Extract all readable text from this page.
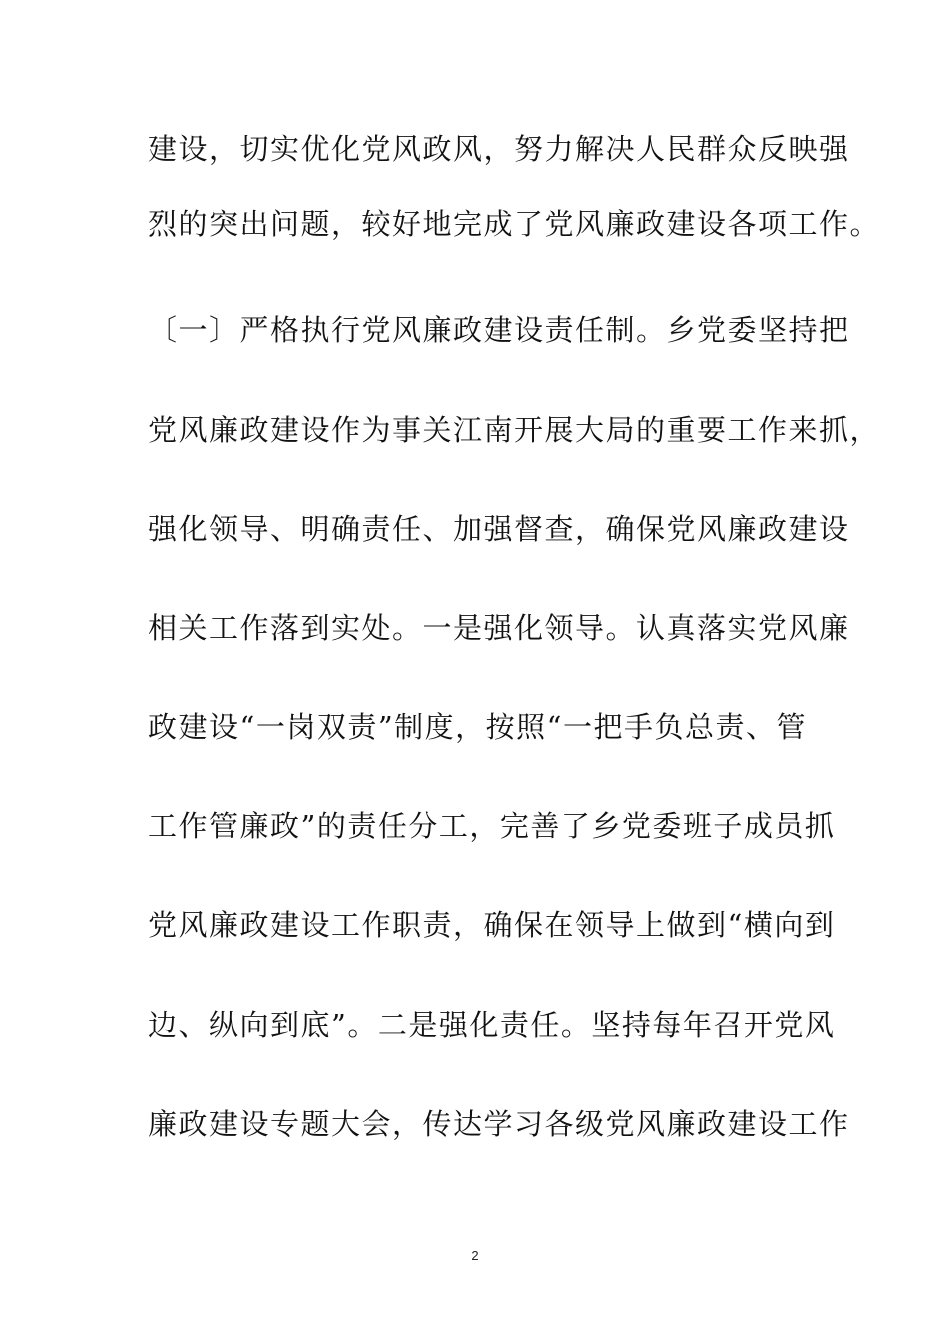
建设，切实优化党风政风，努力解决人民群众反映强
烈的突出问题，较好地完成了党风廉政建设各项工作。
〔一〕严格执行党风廉政建设责任制。乡党委坚持把
党风廉政建设作为事关江南开展大局的重要工作来抓，
强化领导、明确责任、加强督查，确保党风廉政建设
相关工作落到实处。一是强化领导。认真落实党风廉
政建设“一岗双责”制度，按照“一把手负总责、管
工作管廉政”的责任分工，完善了乡党委班子成员抓
党风廉政建设工作职责，确保在领导上做到“横向到
边、纵向到底”。二是强化责任。坚持每年召开党风
廉政建设专题大会，传达学习各级党风廉政建设工作
2
